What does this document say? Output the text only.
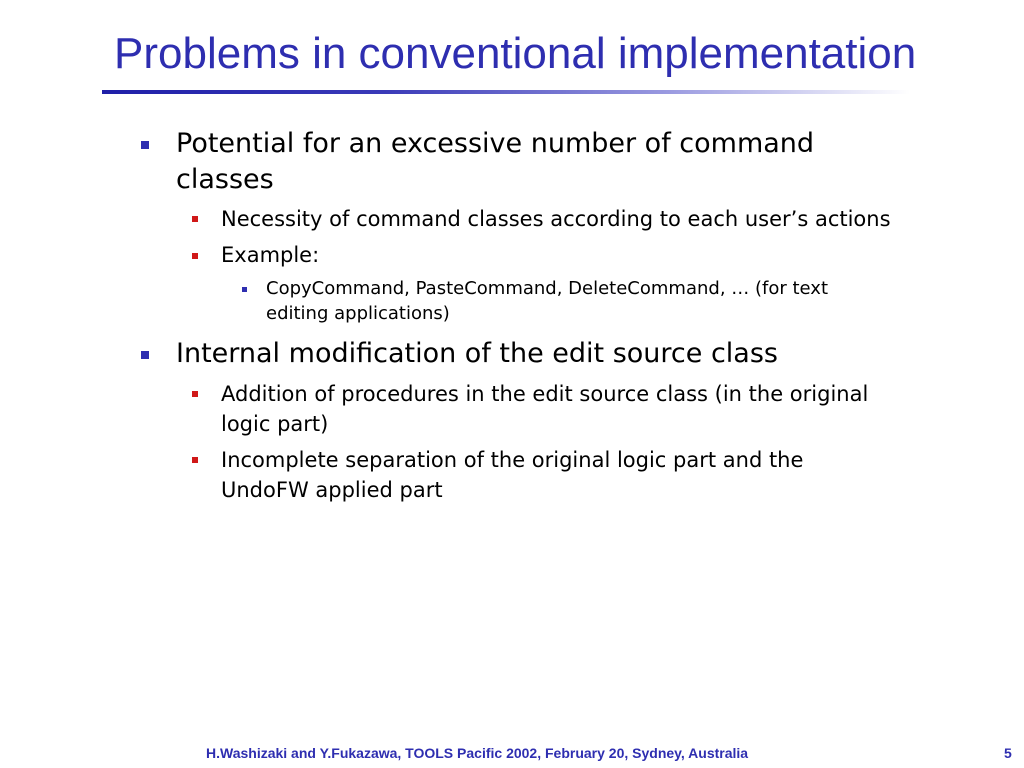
Problems in conventional implementation
Potential for an excessive number of command
classes
Necessity of command classes according to each user’s actions
Example:
CopyCommand, PasteCommand, DeleteCommand, … (for text
editing applications)
Internal modification of the edit source class
Addition of procedures in the edit source class (in the original
logic part)
Incomplete separation of the original logic part and the
UndoFW applied part
H.Washizaki and Y.Fukazawa, TOOLS Pacific 2002, February 20, Sydney, Australia	5
